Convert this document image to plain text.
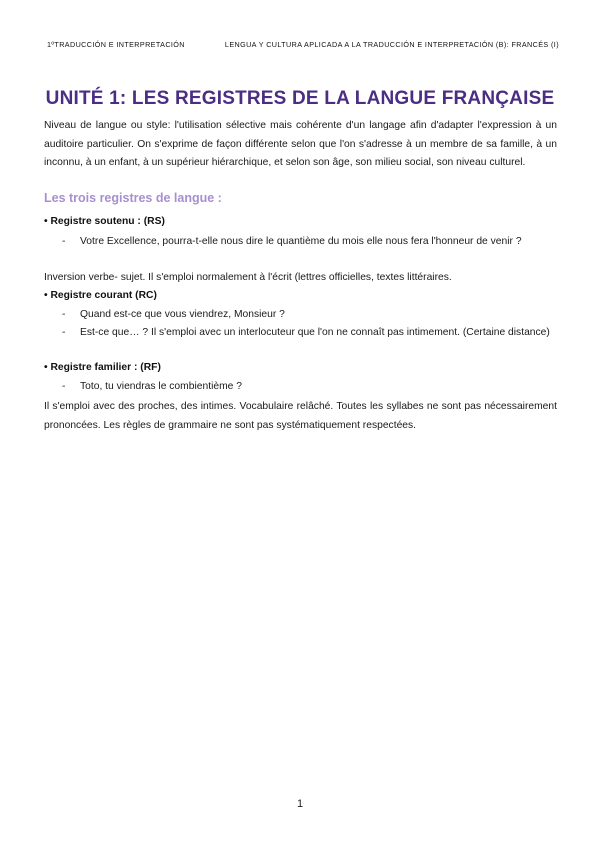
1ºTRADUCCIÓN E INTERPRETACIÓN	LENGUA Y CULTURA APLICADA A LA TRADUCCIÓN E INTERPRETACIÓN (B): FRANCÉS (I)
UNITÉ 1: LES REGISTRES DE LA LANGUE FRANÇAISE
Niveau de langue ou style: l'utilisation sélective mais cohérente d'un langage afin d'adapter l'expression à un auditoire particulier. On s'exprime de façon différente selon que l'on s'adresse à un membre de sa famille, à un inconnu, à un enfant, à un supérieur hiérarchique, et selon son âge, son milieu social, son niveau culturel.
Les trois registres de langue :
• Registre soutenu : (RS)
- Votre Excellence, pourra-t-elle nous dire le quantième du mois elle nous fera l'honneur de venir ?
Inversion verbe- sujet. Il s'emploi normalement à l'écrit (lettres officielles, textes littéraires.
• Registre courant (RC)
- Quand est-ce que vous viendrez, Monsieur ?
- Est-ce que… ? Il s'emploi avec un interlocuteur que l'on ne connaît pas intimement. (Certaine distance)
• Registre familier : (RF)
- Toto, tu viendras le combientième ?
Il s'emploi avec des proches, des intimes. Vocabulaire relâché. Toutes les syllabes ne sont pas nécessairement prononcées. Les règles de grammaire ne sont pas systématiquement respectées.
1
